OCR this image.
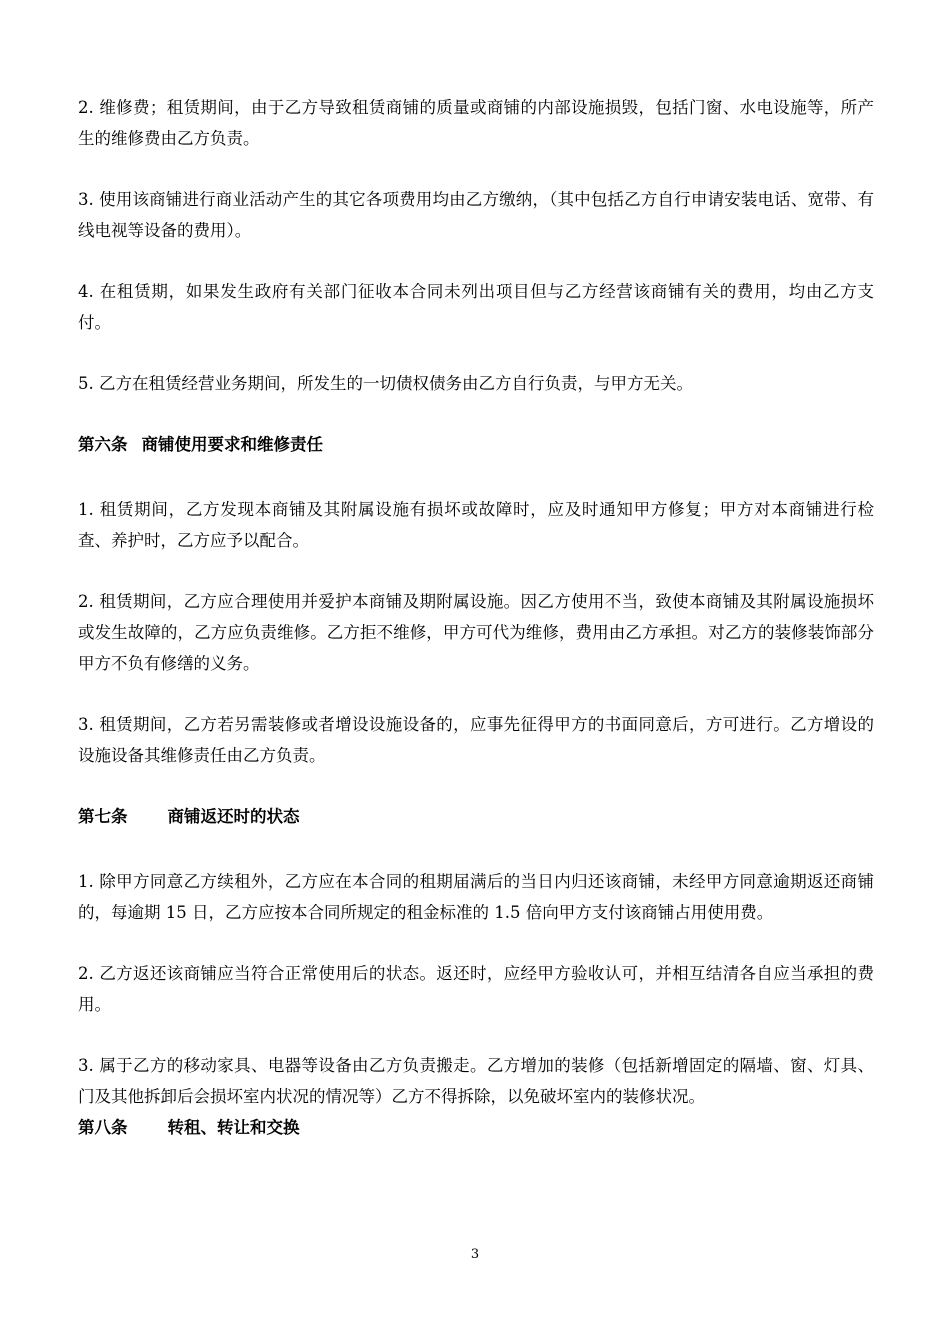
2. 维修费；租赁期间，由于乙方导致租赁商铺的质量或商铺的内部设施损毁，包括门窗、水电设施等，所产生的维修费由乙方负责。

3. 使用该商铺进行商业活动产生的其它各项费用均由乙方缴纳，（其中包括乙方自行申请安装电话、宽带、有线电视等设备的费用）。

4. 在租赁期，如果发生政府有关部门征收本合同未列出项目但与乙方经营该商铺有关的费用，均由乙方支付。

5. 乙方在租赁经营业务期间，所发生的一切债权债务由乙方自行负责，与甲方无关。

第六条 商铺使用要求和维修责任

1. 租赁期间，乙方发现本商铺及其附属设施有损坏或故障时，应及时通知甲方修复；甲方对本商铺进行检查、养护时，乙方应予以配合。

2. 租赁期间，乙方应合理使用并爱护本商铺及期附属设施。因乙方使用不当，致使本商铺及其附属设施损坏或发生故障的，乙方应负责维修。乙方拒不维修，甲方可代为维修，费用由乙方承担。对乙方的装修装饰部分甲方不负有修缮的义务。

3. 租赁期间，乙方若另需装修或者增设设施设备的，应事先征得甲方的书面同意后，方可进行。乙方增设的设施设备其维修责任由乙方负责。

第七条 商铺返还时的状态

1. 除甲方同意乙方续租外，乙方应在本合同的租期届满后的当日内归还该商铺，未经甲方同意逾期返还商铺的，每逾期 15 日，乙方应按本合同所规定的租金标准的 1.5 倍向甲方支付该商铺占用使用费。

2. 乙方返还该商铺应当符合正常使用后的状态。返还时，应经甲方验收认可，并相互结清各自应当承担的费用。

3. 属于乙方的移动家具、电器等设备由乙方负责搬走。乙方增加的装修（包括新增固定的隔墙、窗、灯具、门及其他拆卸后会损坏室内状况的情况等）乙方不得拆除，以免破坏室内的装修状况。

第八条 转租、转让和交换
3
